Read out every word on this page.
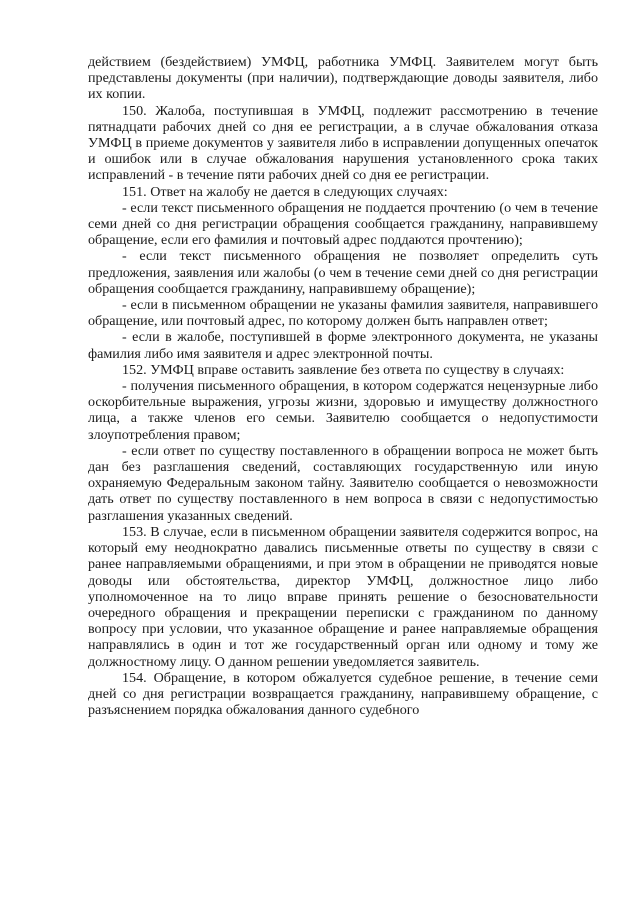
действием (бездействием) УМФЦ, работника УМФЦ. Заявителем могут быть представлены документы (при наличии), подтверждающие доводы заявителя, либо их копии.

150. Жалоба, поступившая в УМФЦ, подлежит рассмотрению в течение пятнадцати рабочих дней со дня ее регистрации, а в случае обжалования отказа УМФЦ в приеме документов у заявителя либо в исправлении допущенных опечаток и ошибок или в случае обжалования нарушения установленного срока таких исправлений - в течение пяти рабочих дней со дня ее регистрации.

151. Ответ на жалобу не дается в следующих случаях:

- если текст письменного обращения не поддается прочтению (о чем в течение семи дней со дня регистрации обращения сообщается гражданину, направившему обращение, если его фамилия и почтовый адрес поддаются прочтению);

- если текст письменного обращения не позволяет определить суть предложения, заявления или жалобы (о чем в течение семи дней со дня регистрации обращения сообщается гражданину, направившему обращение);

- если в письменном обращении не указаны фамилия заявителя, направившего обращение, или почтовый адрес, по которому должен быть направлен ответ;

- если в жалобе, поступившей в форме электронного документа, не указаны фамилия либо имя заявителя и адрес электронной почты.

152. УМФЦ вправе оставить заявление без ответа по существу в случаях:

- получения письменного обращения, в котором содержатся нецензурные либо оскорбительные выражения, угрозы жизни, здоровью и имуществу должностного лица, а также членов его семьи. Заявителю сообщается о недопустимости злоупотребления правом;

- если ответ по существу поставленного в обращении вопроса не может быть дан без разглашения сведений, составляющих государственную или иную охраняемую Федеральным законом тайну. Заявителю сообщается о невозможности дать ответ по существу поставленного в нем вопроса в связи с недопустимостью разглашения указанных сведений.

153. В случае, если в письменном обращении заявителя содержится вопрос, на который ему неоднократно давались письменные ответы по существу в связи с ранее направляемыми обращениями, и при этом в обращении не приводятся новые доводы или обстоятельства, директор УМФЦ, должностное лицо либо уполномоченное на то лицо вправе принять решение о безосновательности очередного обращения и прекращении переписки с гражданином по данному вопросу при условии, что указанное обращение и ранее направляемые обращения направлялись в один и тот же государственный орган или одному и тому же должностному лицу. О данном решении уведомляется заявитель.

154. Обращение, в котором обжалуется судебное решение, в течение семи дней со дня регистрации возвращается гражданину, направившему обращение, с разъяснением порядка обжалования данного судебного
